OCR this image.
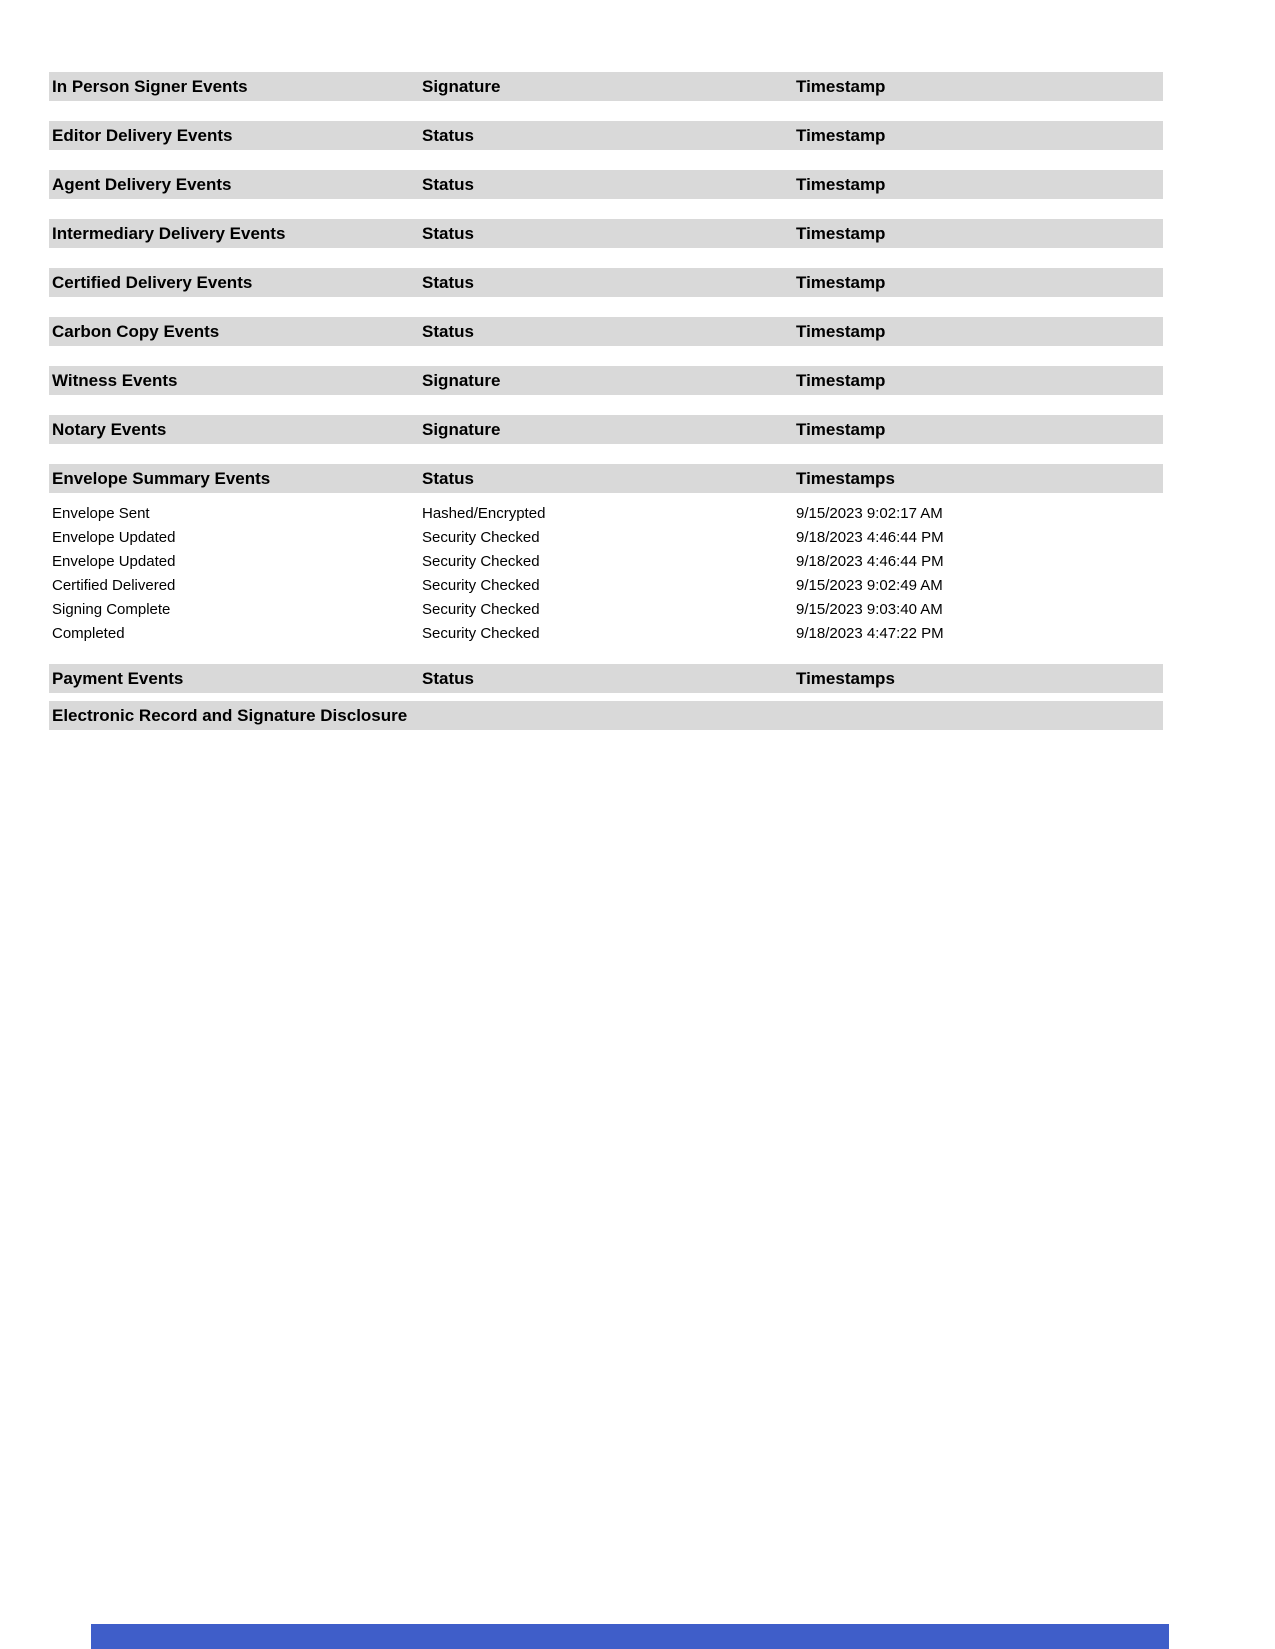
In Person Signer Events	Signature	Timestamp
Editor Delivery Events	Status	Timestamp
Agent Delivery Events	Status	Timestamp
Intermediary Delivery Events	Status	Timestamp
Certified Delivery Events	Status	Timestamp
Carbon Copy Events	Status	Timestamp
Witness Events	Signature	Timestamp
Notary Events	Signature	Timestamp
Envelope Summary Events	Status	Timestamps
Envelope Sent	Hashed/Encrypted	9/15/2023 9:02:17 AM
Envelope Updated	Security Checked	9/18/2023 4:46:44 PM
Envelope Updated	Security Checked	9/18/2023 4:46:44 PM
Certified Delivered	Security Checked	9/15/2023 9:02:49 AM
Signing Complete	Security Checked	9/15/2023 9:03:40 AM
Completed	Security Checked	9/18/2023 4:47:22 PM
Payment Events	Status	Timestamps
Electronic Record and Signature Disclosure
